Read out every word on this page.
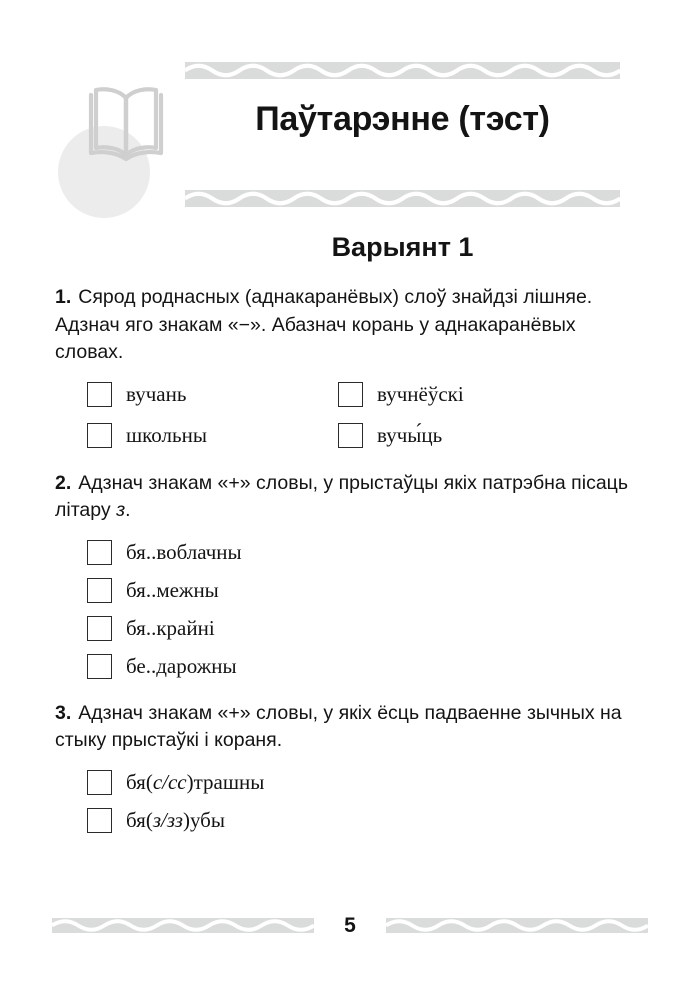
Паўтарэнне (тэст)
Варыянт 1

1. Сярод роднасных (аднакаранёвых) слоў знайдзі лішняе. Адзнач яго знакам «−». Абазнач корань у аднакаранёвых словах.

вучань
школьны
вучнёўскі
вучы́ць

2. Адзнач знакам «+» словы, у прыстаўцы якіх патрэбна пісаць літару з.

бя..воблачны
бя..межны
бя..крайні
бе..дарожны

3. Адзнач знакам «+» словы, у якіх ёсць падваенне зычных на стыку прыстаўкі і кораня.

бя(с/сс)трашны
бя(з/зз)убы
5
